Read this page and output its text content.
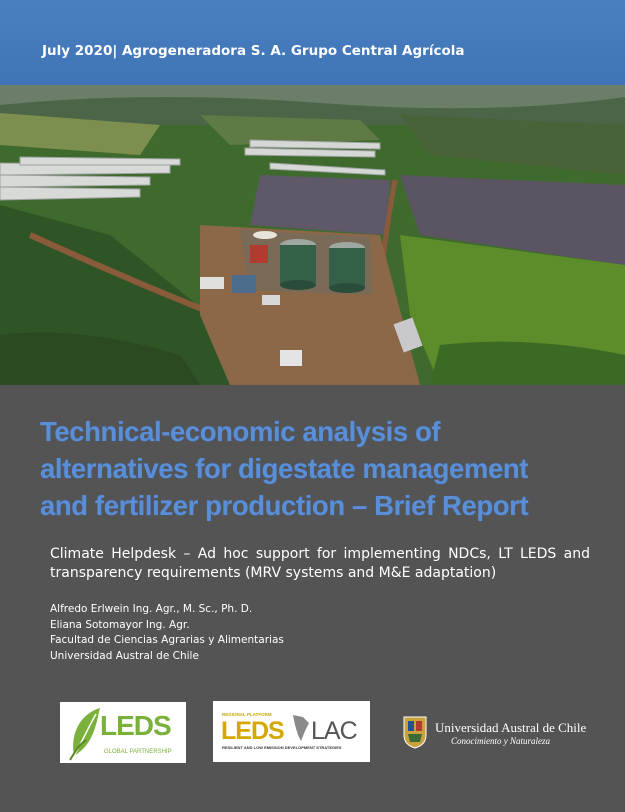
July 2020| Agrogeneradora S. A. Grupo Central Agrícola
Technical-economic analysis of
alternatives for digestate management
and fertilizer production – Brief Report
Climate Helpdesk – Ad hoc support for implementing NDCs, LT LEDS and transparency requirements (MRV systems and M&E adaptation)
Alfredo Erlwein Ing. Agr., M. Sc., Ph. D.
Eliana Sotomayor Ing. Agr.
Facultad de Ciencias Agrarias y Alimentarias
Universidad Austral de Chile
LEDS
GLOBAL PARTNERSHIP
REGIONAL PLATFORM
LEDS LAC
RESILIENT AND LOW EMISSION DEVELOPMENT STRATEGIES
Universidad Austral de Chile
Conocimiento y Naturaleza
